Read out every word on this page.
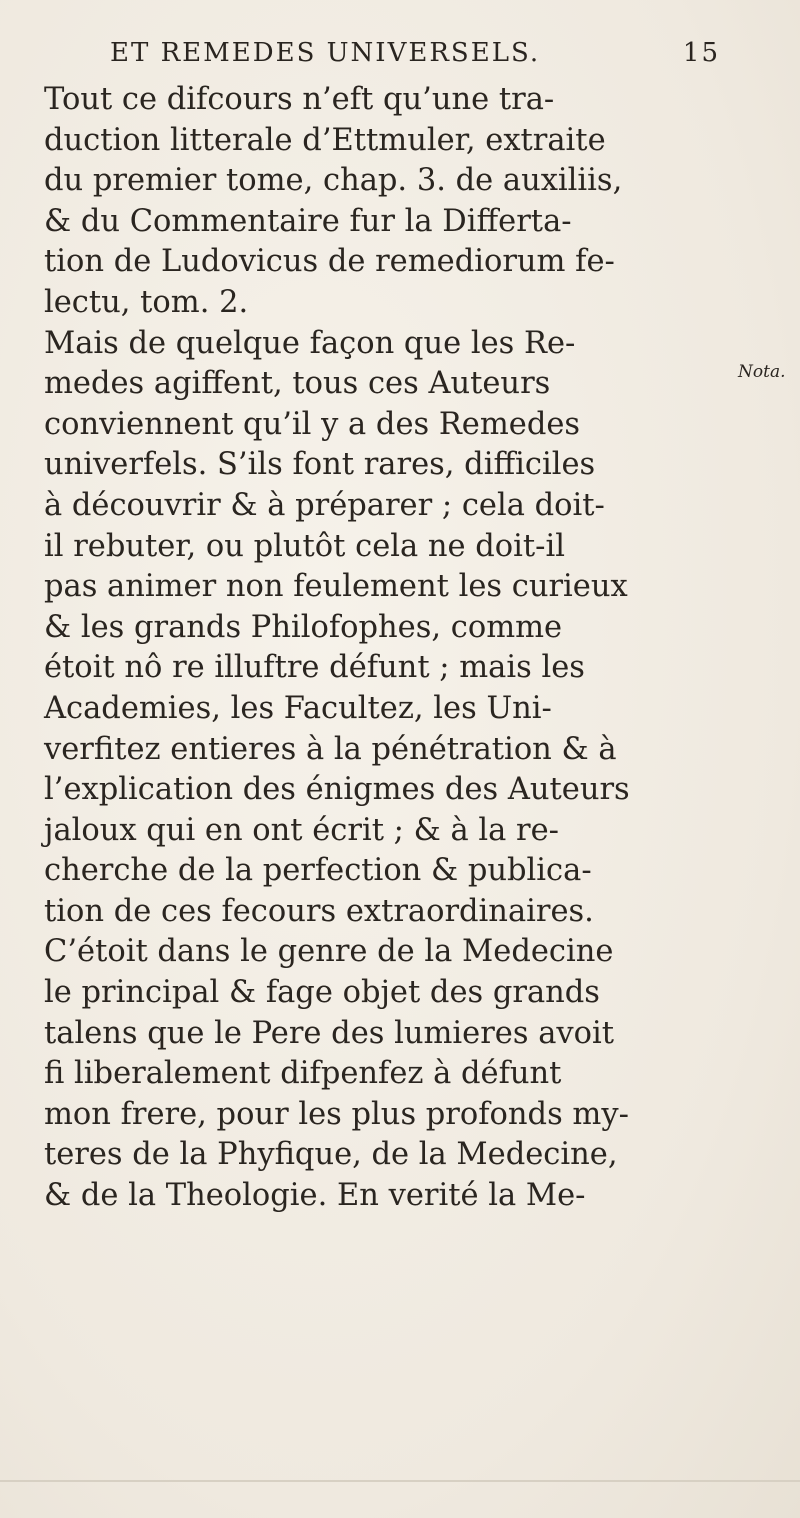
ET REMEDES UNIVERSELS.	15
Tout ce difcours n’eft qu’une tra-
duction litterale d’Ettmuler, extraite
du premier tome, chap. 3. de auxiliis,
& du Commentaire fur la Differta-
tion de Ludovicus de remediorum fe-
lectu, tom. 2.
Mais de quelque façon que les Re-
medes agiffent, tous ces Auteurs
conviennent qu’il y a des Remedes
univerfels. S’ils font rares, difficiles
à découvrir & à préparer ; cela doit-
il rebuter, ou plutôt cela ne doit-il
pas animer non feulement les curieux
& les grands Philofophes, comme
étoit nô re illuftre défunt ; mais les
Academies, les Facultez, les Uni-
verfitez entieres à la pénétration & à
l’explication des énigmes des Auteurs
jaloux qui en ont écrit ; & à la re-
cherche de la perfection & publica-
tion de ces fecours extraordinaires.
C’étoit dans le genre de la Medecine
le principal & fage objet des grands
talens que le Pere des lumieres avoit
fi liberalement difpenfez à défunt
mon frere, pour les plus profonds my-
teres de la Phyfique, de la Medecine,
& de la Theologie. En verité la Me-
Nota.
